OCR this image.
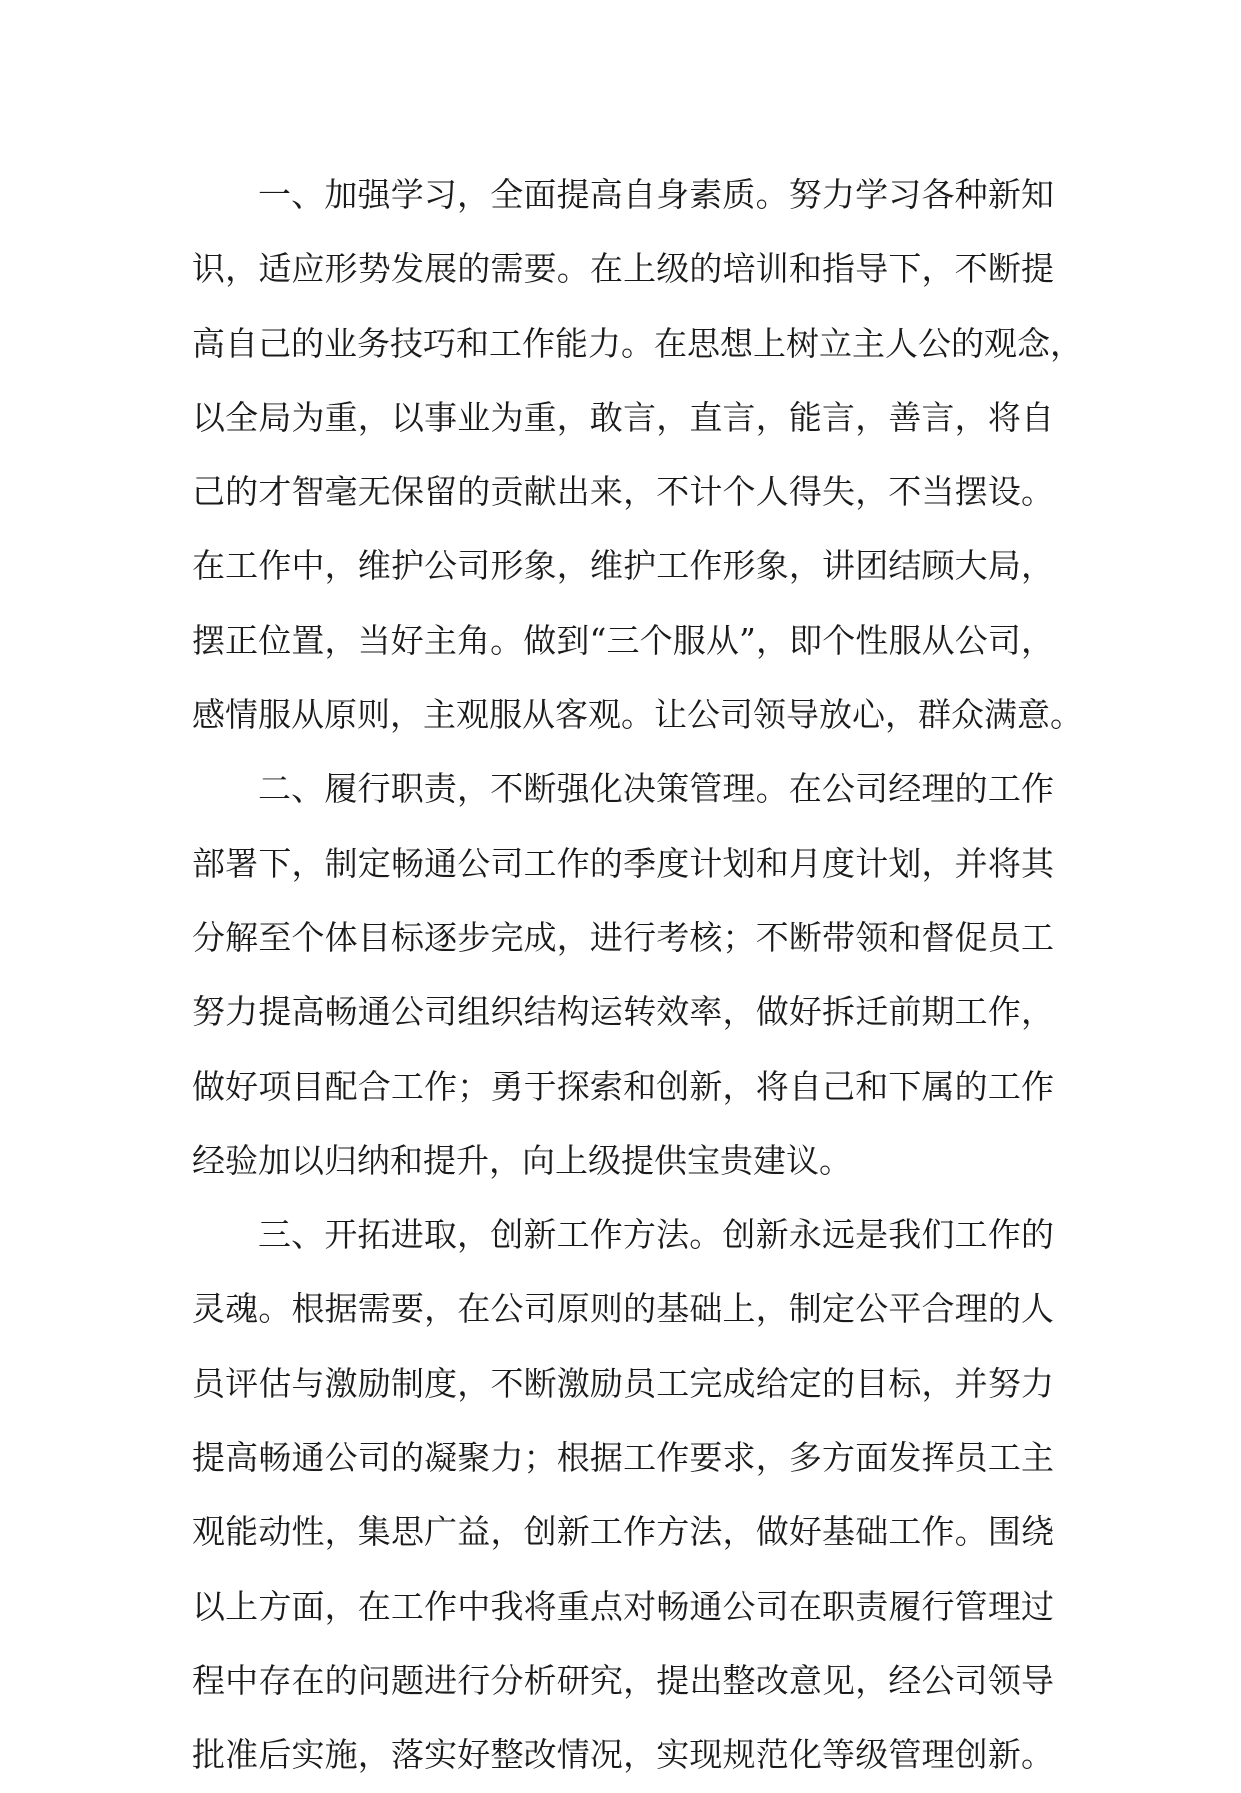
一、加强学习，全面提高自身素质。努力学习各种新知
识，适应形势发展的需要。在上级的培训和指导下，不断提
高自己的业务技巧和工作能力。在思想上树立主人公的观念，
以全局为重，以事业为重，敢言，直言，能言，善言，将自
己的才智毫无保留的贡献出来，不计个人得失，不当摆设。
在工作中，维护公司形象，维护工作形象，讲团结顾大局，
摆正位置，当好主角。做到“三个服从”，即个性服从公司，
感情服从原则，主观服从客观。让公司领导放心，群众满意。
二、履行职责，不断强化决策管理。在公司经理的工作
部署下，制定畅通公司工作的季度计划和月度计划，并将其
分解至个体目标逐步完成，进行考核；不断带领和督促员工
努力提高畅通公司组织结构运转效率，做好拆迁前期工作，
做好项目配合工作；勇于探索和创新，将自己和下属的工作
经验加以归纳和提升，向上级提供宝贵建议。
三、开拓进取，创新工作方法。创新永远是我们工作的
灵魂。根据需要，在公司原则的基础上，制定公平合理的人
员评估与激励制度，不断激励员工完成给定的目标，并努力
提高畅通公司的凝聚力；根据工作要求，多方面发挥员工主
观能动性，集思广益，创新工作方法，做好基础工作。围绕
以上方面，在工作中我将重点对畅通公司在职责履行管理过
程中存在的问题进行分析研究，提出整改意见，经公司领导
批准后实施，落实好整改情况，实现规范化等级管理创新。
